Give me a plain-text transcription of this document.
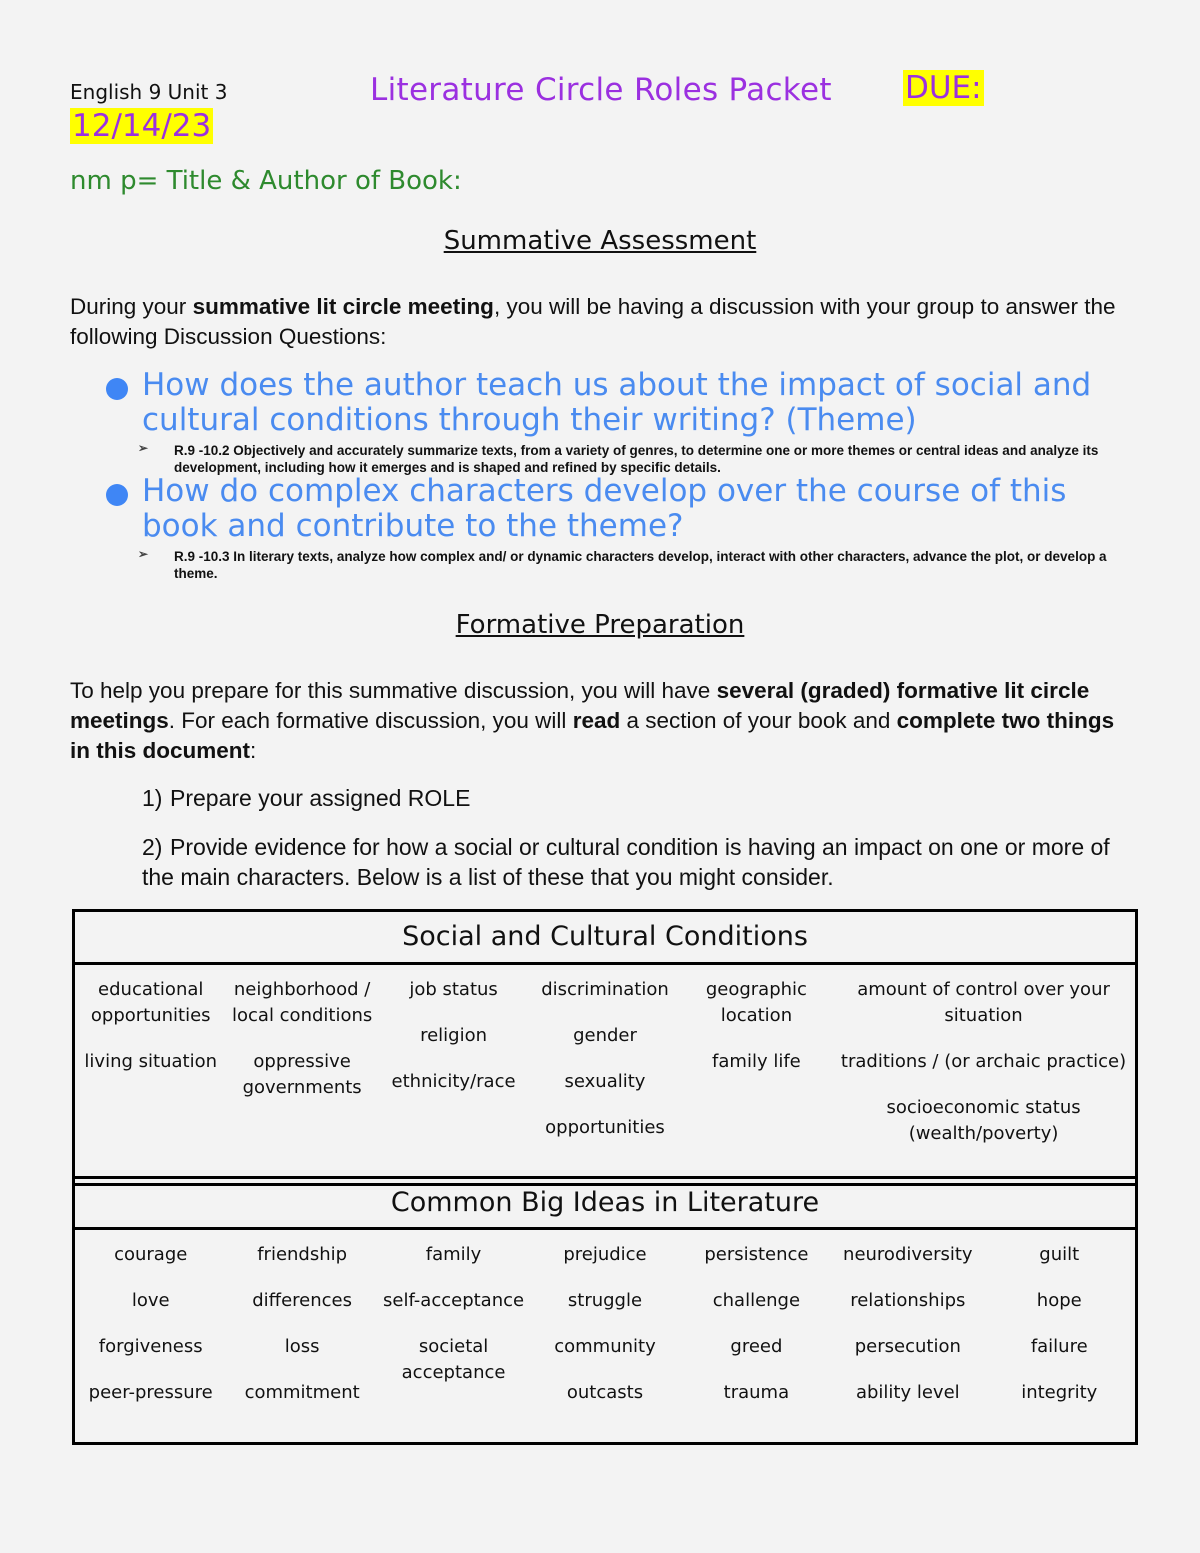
English 9 Unit 3	Literature Circle Roles Packet DUE:
12/14/23
nm p= Title & Author of Book:
Summative Assessment
During your summative lit circle meeting, you will be having a discussion with your group to answer the following Discussion Questions:
How does the author teach us about the impact of social and cultural conditions through their writing? (Theme)
➢ R.9 -10.2 Objectively and accurately summarize texts, from a variety of genres, to determine one or more themes or central ideas and analyze its development, including how it emerges and is shaped and refined by specific details.
How do complex characters develop over the course of this book and contribute to the theme?
➢ R.9 -10.3 In literary texts, analyze how complex and/ or dynamic characters develop, interact with other characters, advance the plot, or develop a theme.
Formative Preparation
To help you prepare for this summative discussion, you will have several (graded) formative lit circle meetings. For each formative discussion, you will read a section of your book and complete two things in this document:
1) Prepare your assigned ROLE
2) Provide evidence for how a social or cultural condition is having an impact on one or more of the main characters. Below is a list of these that you might consider.
Social and Cultural Conditions

educational opportunities

living situation

neighborhood / local conditions

oppressive governments

job status

religion

ethnicity/race

discrimination

gender

sexuality

opportunities

geographic location

family life

amount of control over your situation

traditions / (or archaic practice)

socioeconomic status (wealth/poverty)

Common Big Ideas in Literature

courage

love

forgiveness

peer-pressure

friendship

differences

loss

commitment

family

self-acceptance

societal acceptance

prejudice

struggle

community

outcasts

persistence

challenge

greed

trauma

neurodiversity

relationships

persecution

ability level

guilt

hope

failure

integrity
